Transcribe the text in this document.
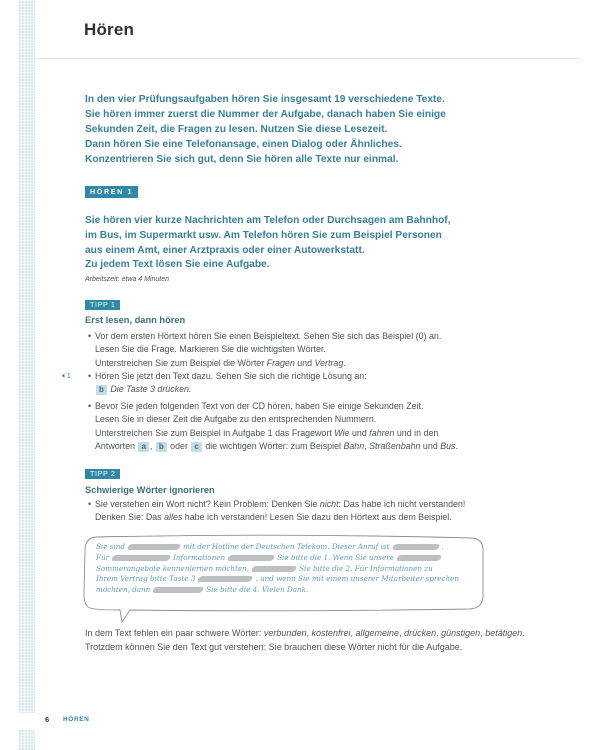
Hören
In den vier Prüfungsaufgaben hören Sie insgesamt 19 verschiedene Texte.
Sie hören immer zuerst die Nummer der Aufgabe, danach haben Sie einige
Sekunden Zeit, die Fragen zu lesen. Nutzen Sie diese Lesezeit.
Dann hören Sie eine Telefonansage, einen Dialog oder Ähnliches.
Konzentrieren Sie sich gut, denn Sie hören alle Texte nur einmal.
HÖREN 1
Sie hören vier kurze Nachrichten am Telefon oder Durchsagen am Bahnhof,
im Bus, im Supermarkt usw. Am Telefon hören Sie zum Beispiel Personen
aus einem Amt, einer Arztpraxis oder einer Autowerkstatt.
Zu jedem Text lösen Sie eine Aufgabe.
Arbeitszeit: etwa 4 Minuten
TIPP 1
Erst lesen, dann hören
• Vor dem ersten Hörtext hören Sie einen Beispieltext. Sehen Sie sich das Beispiel (0) an.
Lesen Sie die Frage. Markieren Sie die wichtigsten Wörter.
Unterstreichen Sie zum Beispiel die Wörter Fragen und Vertrag.
🔈︎1 • Hören Sie jetzt den Text dazu. Sehen Sie sich die richtige Lösung an:
b Die Taste 3 drücken.
• Bevor Sie jeden folgenden Text von der CD hören, haben Sie einige Sekunden Zeit.
Lesen Sie in dieser Zeit die Aufgabe zu den entsprechenden Nummern.
Unterstreichen Sie zum Beispiel in Aufgabe 1 das Fragewort Wie und fahren und in den
Antworten a , b oder c die wichtigen Wörter: zum Beispiel Bahn, Straßenbahn und Bus.
TIPP 2
Schwierige Wörter ignorieren
• Sie verstehen ein Wort nicht? Kein Problem: Denken Sie nicht: Das habe ich nicht verstanden!
Denken Sie: Das alles habe ich verstanden! Lesen Sie dazu den Hörtext aus dem Beispiel.
Sie sind	mit der Hotline der Deutschen Telekom. Dieser Anruf ist	.
Für	Informationen	Sie bitte die 1. Wenn Sie unsere
Sommerangebote kennenlernen möchten,	Sie bitte die 2. Für Informationen zu
Ihrem Vertrag bitte Taste 3	, und wenn Sie mit einem unserer Mitarbeiter sprechen
möchten, dann	Sie bitte die 4. Vielen Dank.
In dem Text fehlen ein paar schwere Wörter: verbunden, kostenfrei, allgemeine, drücken, günstigen, betätigen. Trotzdem können Sie den Text gut verstehen: Sie brauchen diese Wörter nicht für die Aufgabe.
6 HÖREN
